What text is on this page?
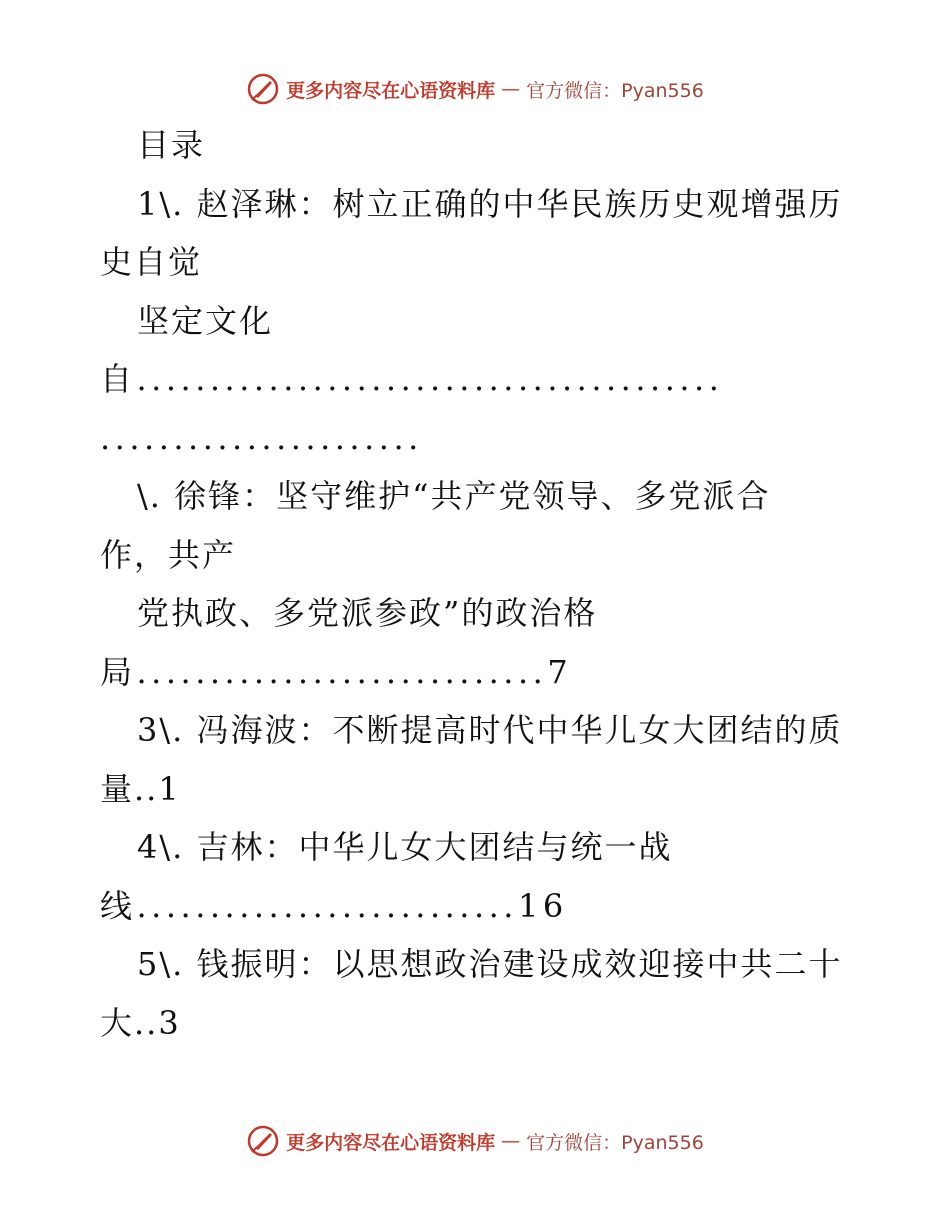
更多内容尽在心语资料库 — 官方微信：Pyan556
目录
1\. 赵泽琳：树立正确的中华民族历史观增强历
史自觉
坚定文化
自........................................
......................
\. 徐锋：坚守维护“共产党领导、多党派合
作，共产
党执政、多党派参政”的政治格
局............................7
3\. 冯海波：不断提高时代中华儿女大团结的质
量..1
4\. 吉林：中华儿女大团结与统一战
线..........................16
5\. 钱振明：以思想政治建设成效迎接中共二十
大..3
更多内容尽在心语资料库 — 官方微信：Pyan556
